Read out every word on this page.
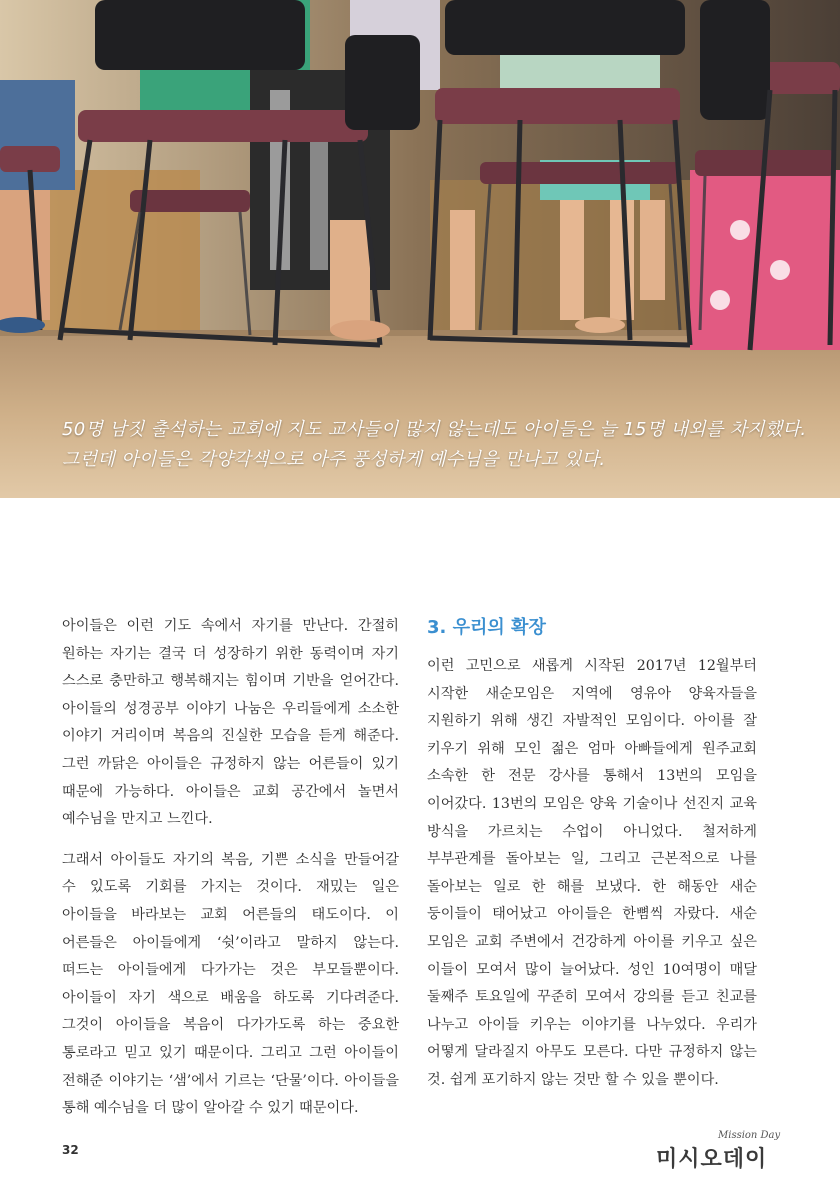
50명 남짓 출석하는 교회에 지도 교사들이 많지 않는데도 아이들은 늘 15명 내외를 차지했다.
그런데 아이들은 각양각색으로 아주 풍성하게 예수님을 만나고 있다.

아이들은 이런 기도 속에서 자기를 만난다. 간절히 원하는 자기는 결국 더 성장하기 위한 동력이며 자기 스스로 충만하고 행복해지는 힘이며 기반을 얻어간다. 아이들의 성경공부 이야기 나눔은 우리들에게 소소한 이야기 거리이며 복음의 진실한 모습을 듣게 해준다. 그런 까닭은 아이들은 규정하지 않는 어른들이 있기 때문에 가능하다. 아이들은 교회 공간에서 놀면서 예수님을 만지고 느낀다.

그래서 아이들도 자기의 복음, 기쁜 소식을 만들어갈 수 있도록 기회를 가지는 것이다. 재밌는 일은 아이들을 바라보는 교회 어른들의 태도이다. 이 어른들은 아이들에게 ‘쉿’이라고 말하지 않는다. 떠드는 아이들에게 다가가는 것은 부모들뿐이다. 아이들이 자기 색으로 배움을 하도록 기다려준다. 그것이 아이들을 복음이 다가가도록 하는 중요한 통로라고 믿고 있기 때문이다. 그리고 그런 아이들이 전해준 이야기는 ‘샘’에서 기르는 ‘단물’이다. 아이들을 통해 예수님을 더 많이 알아갈 수 있기 때문이다.

3. 우리의 확장

이런 고민으로 새롭게 시작된 2017년 12월부터 시작한 새순모임은 지역에 영유아 양육자들을 지원하기 위해 생긴 자발적인 모임이다. 아이를 잘 키우기 위해 모인 젊은 엄마 아빠들에게 원주교회 소속한 한 전문 강사를 통해서 13번의 모임을 이어갔다. 13번의 모임은 양육 기술이나 선진지 교육 방식을 가르치는 수업이 아니었다. 철저하게 부부관계를 돌아보는 일, 그리고 근본적으로 나를 돌아보는 일로 한 해를 보냈다. 한 해동안 새순 둥이들이 태어났고 아이들은 한뼘씩 자랐다. 새순 모임은 교회 주변에서 건강하게 아이를 키우고 싶은 이들이 모여서 많이 늘어났다. 성인 10여명이 매달 둘째주 토요일에 꾸준히 모여서 강의를 듣고 친교를 나누고 아이들 키우는 이야기를 나누었다. 우리가 어떻게 달라질지 아무도 모른다. 다만 규정하지 않는 것. 쉽게 포기하지 않는 것만 할 수 있을 뿐이다.

32
Mission Day
미시오데이
